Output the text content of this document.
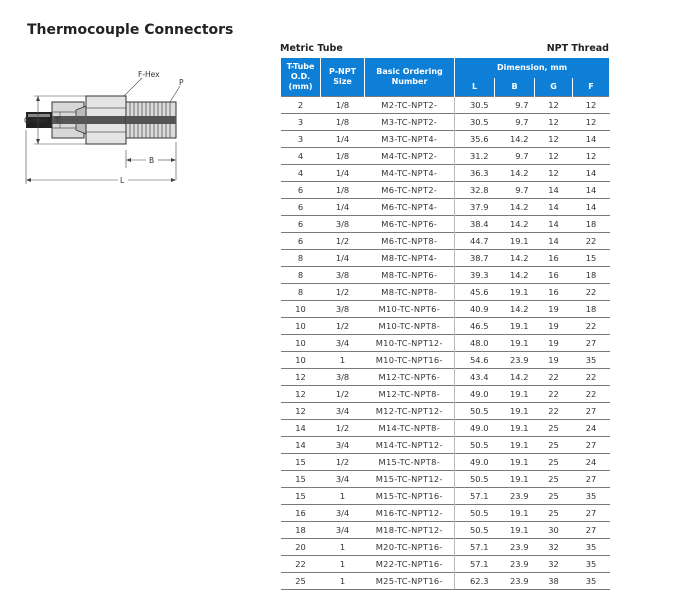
Thermocouple Connectors
F-Hex
P
G-Hex T
B
L
Metric Tube	NPT Thread
T-Tube O.D. (mm)	P-NPT Size	Basic Ordering Number	Dimension, mm			
			L	B	G	F
2	1/8	M2-TC-NPT2-	30.5	9.7	12	12
3	1/8	M3-TC-NPT2-	30.5	9.7	12	12
3	1/4	M3-TC-NPT4-	35.6	14.2	12	14
4	1/8	M4-TC-NPT2-	31.2	9.7	12	12
4	1/4	M4-TC-NPT4-	36.3	14.2	12	14
6	1/8	M6-TC-NPT2-	32.8	9.7	14	14
6	1/4	M6-TC-NPT4-	37.9	14.2	14	14
6	3/8	M6-TC-NPT6-	38.4	14.2	14	18
6	1/2	M6-TC-NPT8-	44.7	19.1	14	22
8	1/4	M8-TC-NPT4-	38.7	14.2	16	15
8	3/8	M8-TC-NPT6-	39.3	14.2	16	18
8	1/2	M8-TC-NPT8-	45.6	19.1	16	22
10	3/8	M10-TC-NPT6-	40.9	14.2	19	18
10	1/2	M10-TC-NPT8-	46.5	19.1	19	22
10	3/4	M10-TC-NPT12-	48.0	19.1	19	27
10	1	M10-TC-NPT16-	54.6	23.9	19	35
12	3/8	M12-TC-NPT6-	43.4	14.2	22	22
12	1/2	M12-TC-NPT8-	49.0	19.1	22	22
12	3/4	M12-TC-NPT12-	50.5	19.1	22	27
14	1/2	M14-TC-NPT8-	49.0	19.1	25	24
14	3/4	M14-TC-NPT12-	50.5	19.1	25	27
15	1/2	M15-TC-NPT8-	49.0	19.1	25	24
15	3/4	M15-TC-NPT12-	50.5	19.1	25	27
15	1	M15-TC-NPT16-	57.1	23.9	25	35
16	3/4	M16-TC-NPT12-	50.5	19.1	25	27
18	3/4	M18-TC-NPT12-	50.5	19.1	30	27
20	1	M20-TC-NPT16-	57.1	23.9	32	35
22	1	M22-TC-NPT16-	57.1	23.9	32	35
25	1	M25-TC-NPT16-	62.3	23.9	38	35
